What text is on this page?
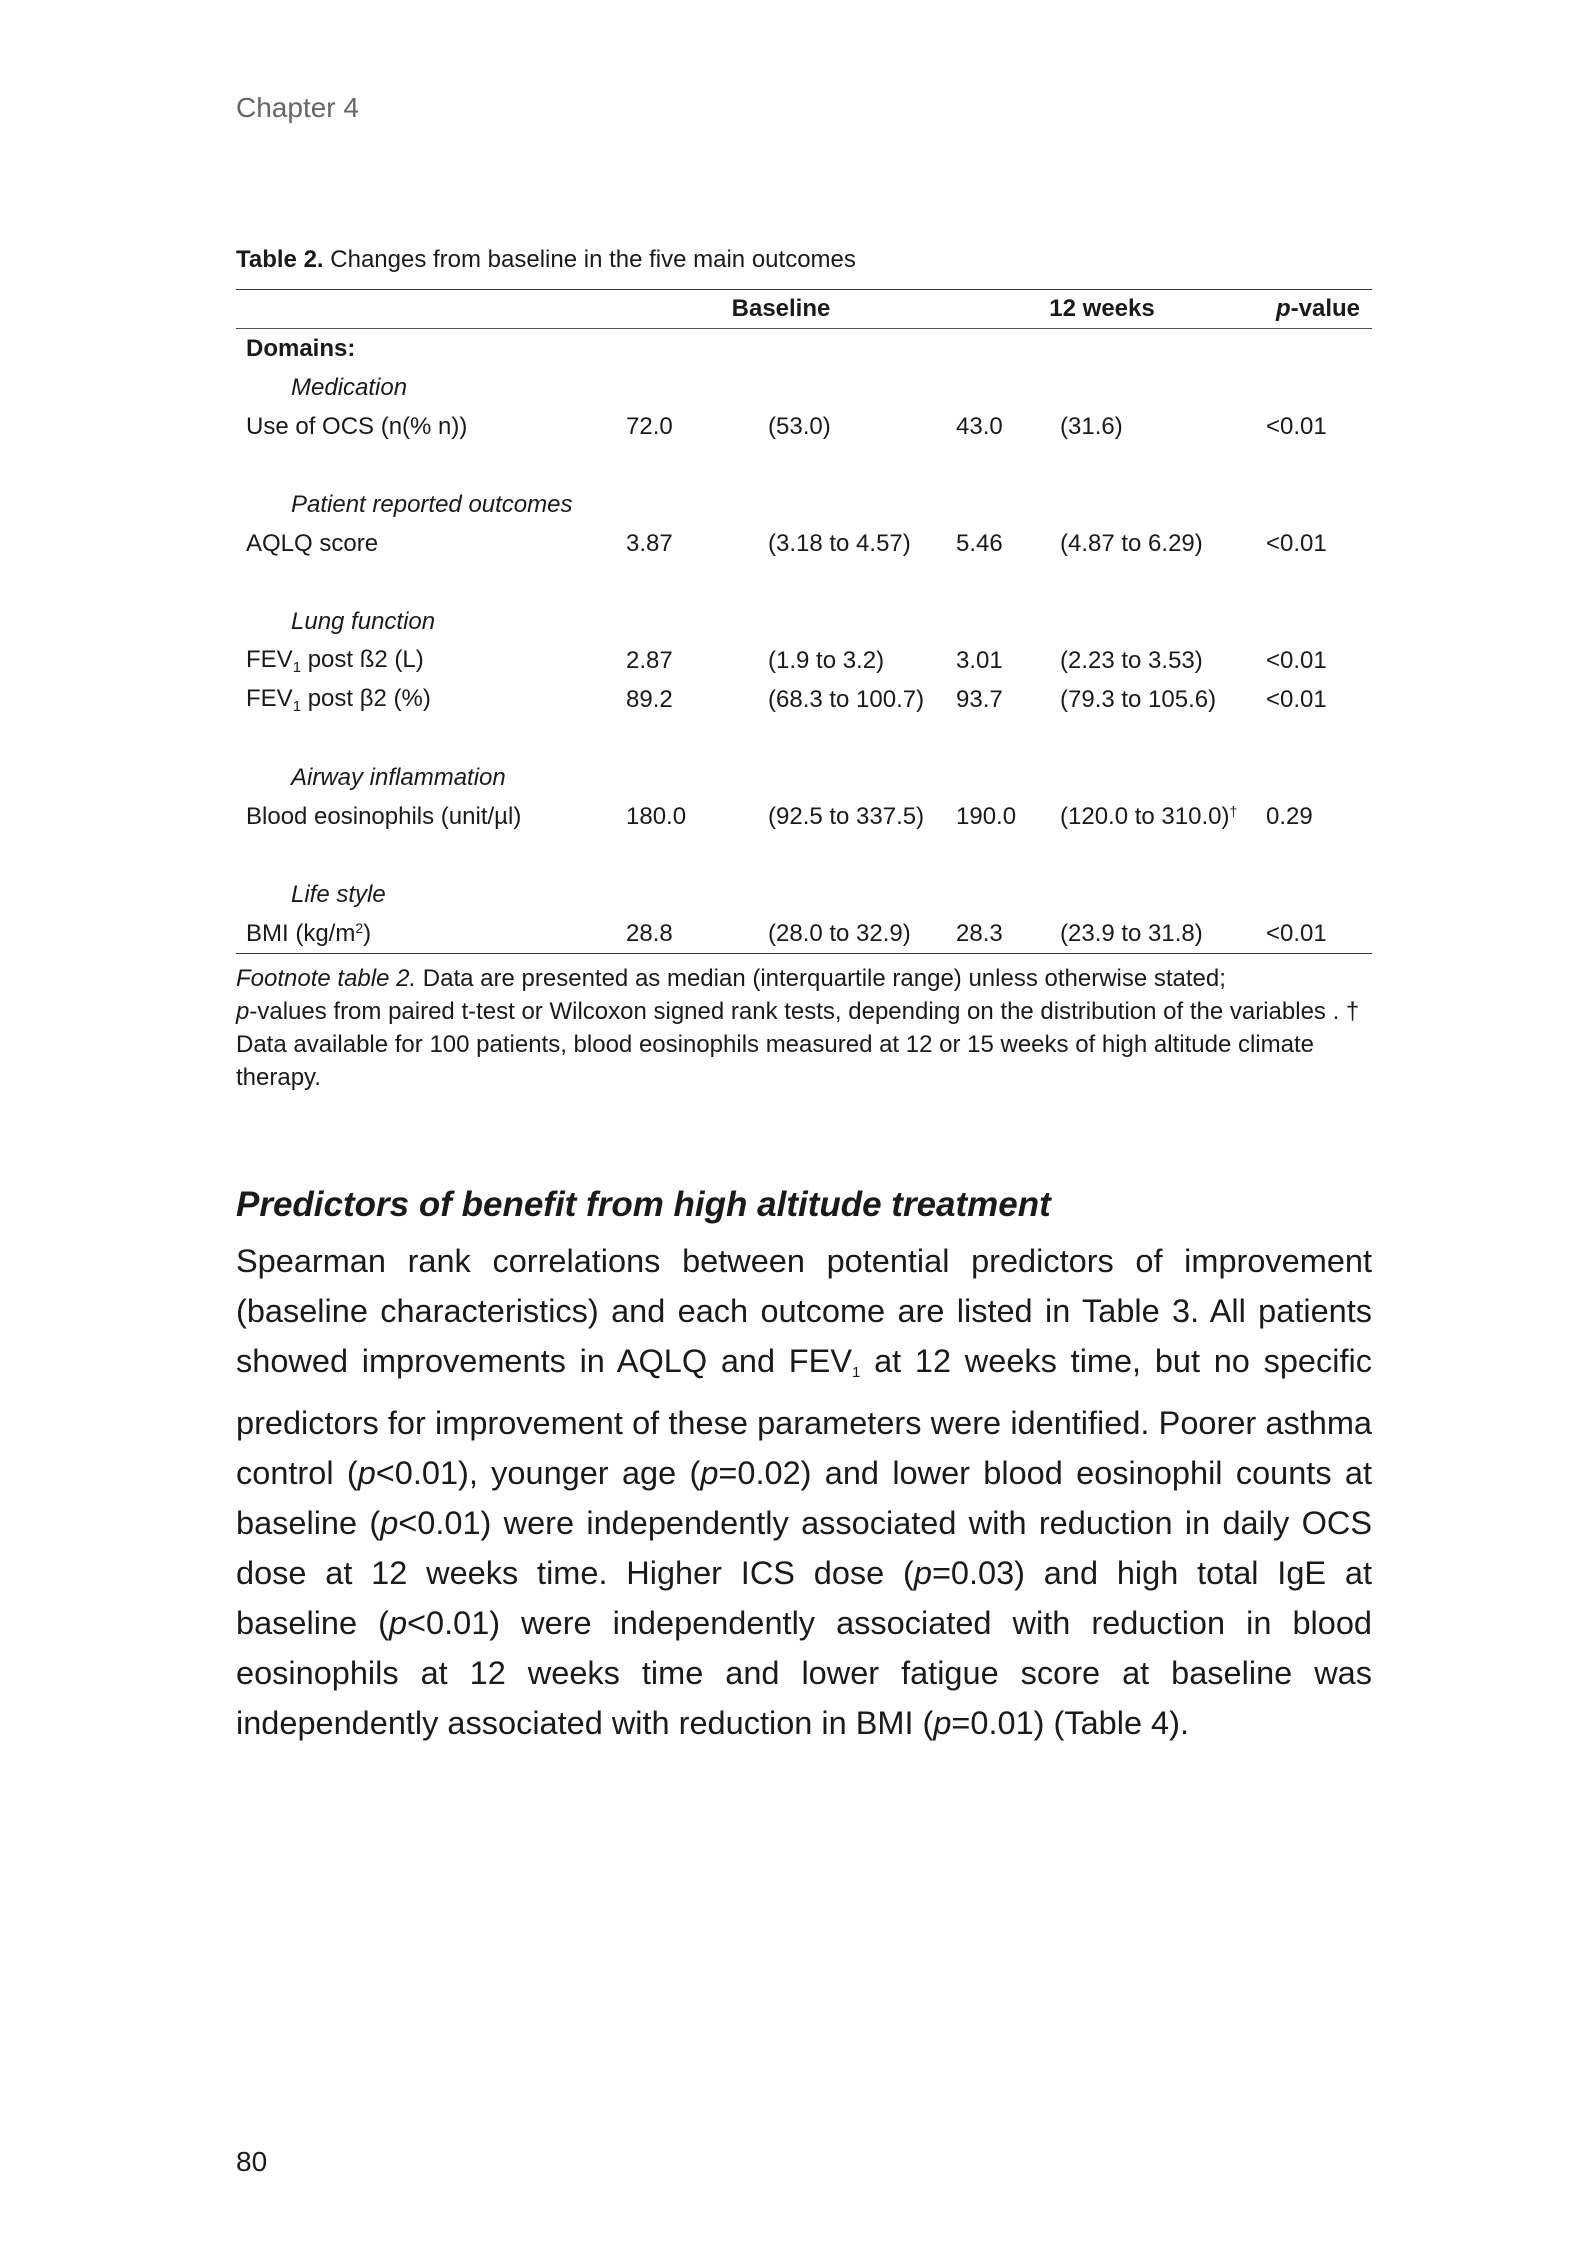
Chapter 4
Table 2. Changes from baseline in the five main outcomes
	Baseline		12 weeks		p-value
Domains:					
Medication					
Use of OCS (n(% n))	72.0	(53.0)	43.0	(31.6)	<0.01

Patient reported outcomes					
AQLQ score	3.87	(3.18 to 4.57)	5.46	(4.87 to 6.29)	<0.01

Lung function					
$FEV_1$ post ß2 (L)	2.87	(1.9 to 3.2)	3.01	(2.23 to 3.53)	<0.01
$FEV_1$ post β2 (%)	89.2	(68.3 to 100.7)	93.7	(79.3 to 105.6)	<0.01

Airway inflammation					
Blood eosinophils (unit/µl)	180.0	(92.5 to 337.5)	190.0	(120.0 to 310.0)†	0.29

Life style					
BMI $(kg/m^2)$	28.8	(28.0 to 32.9)	28.3	(23.9 to 31.8)	<0.01

Footnote table 2. Data are presented as median (interquartile range) unless otherwise stated;

p-values from paired t-test or Wilcoxon signed rank tests, depending on the distribution of the variables . † Data available for 100 patients, blood eosinophils measured at 12 or 15 weeks of high altitude climate therapy.

Predictors of benefit from high altitude treatment

Spearman rank correlations between potential predictors of improvement (baseline characteristics) and each outcome are listed in Table 3. All patients showed improvements in AQLQ and $FEV_1$ at 12 weeks time, but no specific predictors for improvement of these parameters were identified. Poorer asthma control (p<0.01), younger age (p=0.02) and lower blood eosinophil counts at baseline (p<0.01) were independently associated with reduction in daily OCS dose at 12 weeks time. Higher ICS dose (p=0.03) and high total IgE at baseline (p<0.01) were independently associated with reduction in blood eosinophils at 12 weeks time and lower fatigue score at baseline was independently associated with reduction in BMI (p=0.01) (Table 4).

80
